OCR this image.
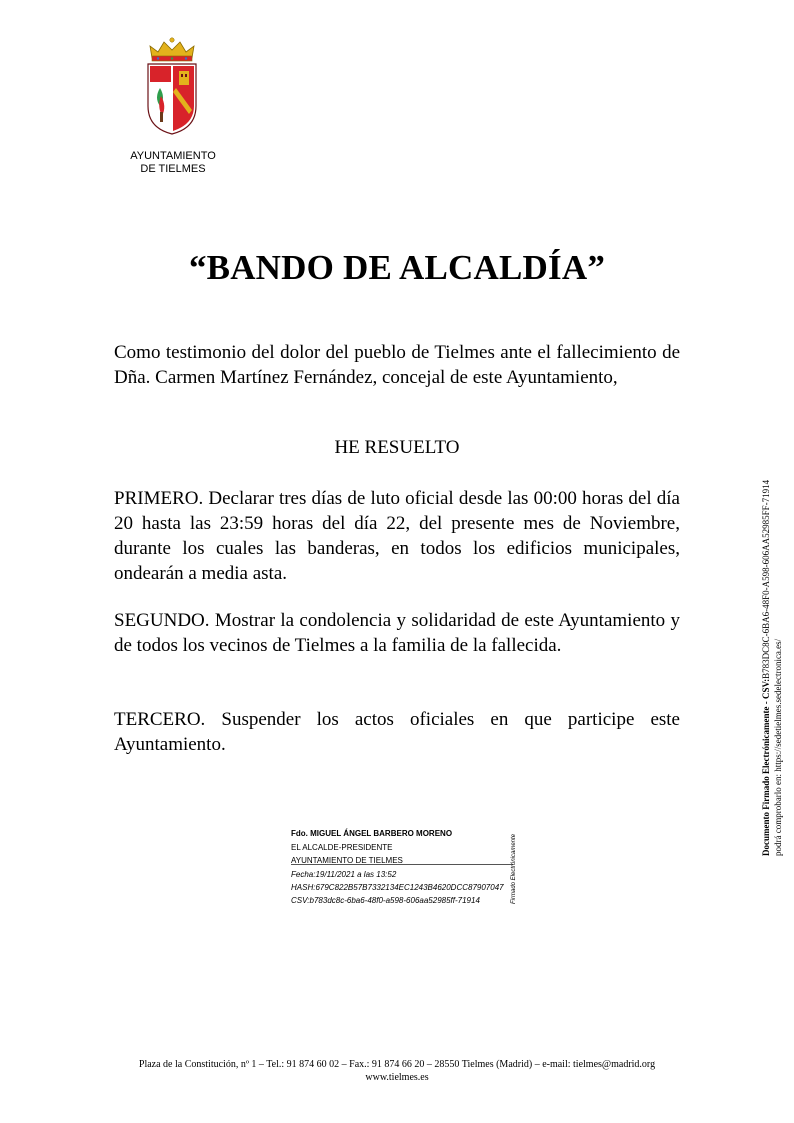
AYUNTAMIENTO
DE TIELMES
“BANDO DE ALCALDÍA”

Como testimonio del dolor del pueblo de Tielmes ante el fallecimiento de Dña. Carmen Martínez Fernández, concejal de este Ayuntamiento,

HE RESUELTO

PRIMERO. Declarar tres días de luto oficial desde las 00:00 horas del día 20 hasta las 23:59 horas del día 22, del presente mes de Noviembre, durante los cuales las banderas, en todos los edificios municipales, ondearán a media asta.

SEGUNDO. Mostrar la condolencia y solidaridad de este Ayuntamiento y de todos los vecinos de Tielmes a la familia de la fallecida.

TERCERO. Suspender los actos oficiales en que participe este Ayuntamiento.

Fdo. MIGUEL ÁNGEL BARBERO MORENO
EL ALCALDE-PRESIDENTE
AYUNTAMIENTO DE TIELMES
Fecha:19/11/2021 a las 13:52
HASH:679C822B57B7332134EC1243B4620DCC87907047
CSV:b783dc8c-6ba6-48f0-a598-606aa52985ff-71914	Firmado Electrónicamente
Documento Firmado Electrónicamente - CSV:B783DC8C-6BA6-48F0-A598-606AA52985FF-71914
podrá comprobarlo en: https://sedetielmes.sedelectronica.es/
Plaza de la Constitución, nº 1 – Tel.: 91 874 60 02 – Fax.: 91 874 66 20 – 28550 Tielmes (Madrid) – e-mail: tielmes@madrid.org
www.tielmes.es
